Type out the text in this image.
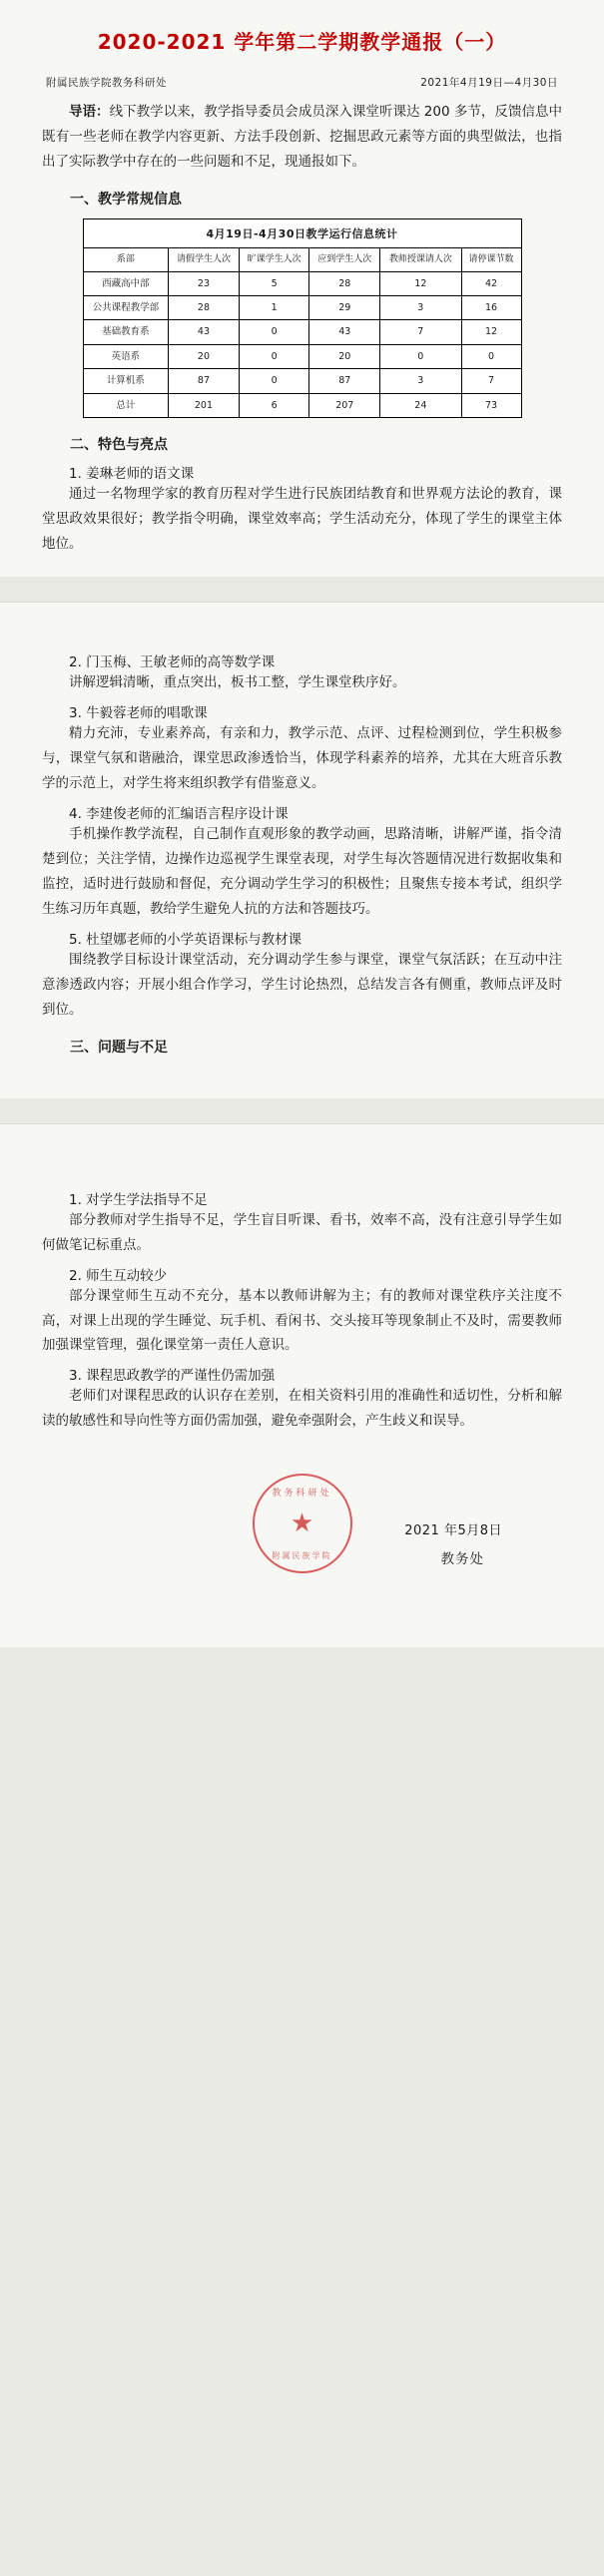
2020-2021 学年第二学期教学通报（一）
附属民族学院教务科研处	2021年4月19日—4月30日

导语：线下教学以来，教学指导委员会成员深入课堂听课达 200 多节，反馈信息中既有一些老师在教学内容更新、方法手段创新、挖掘思政元素等方面的典型做法，也指出了实际教学中存在的一些问题和不足，现通报如下。

一、教学常规信息
4月19日-4月30日教学运行信息统计
系部	请假学生人次	旷课学生人次	应到学生人次	教师授课请人次	请停课节数
西藏高中部	23	5	28	12	42
公共课程教学部	28	1	29	3	16
基础教育系	43	0	43	7	12
英语系	20	0	20	0	0
计算机系	87	0	87	3	7
总计	201	6	207	24	73
二、特色与亮点
1. 姜琳老师的语文课

通过一名物理学家的教育历程对学生进行民族团结教育和世界观方法论的教育，课堂思政效果很好；教学指令明确，课堂效率高；学生活动充分，体现了学生的课堂主体地位。

2. 门玉梅、王敏老师的高等数学课

讲解逻辑清晰，重点突出，板书工整，学生课堂秩序好。

3. 牛毅蓉老师的唱歌课

精力充沛，专业素养高，有亲和力，教学示范、点评、过程检测到位，学生积极参与，课堂气氛和谐融洽，课堂思政渗透恰当，体现学科素养的培养，尤其在大班音乐教学的示范上，对学生将来组织教学有借鉴意义。

4. 李建俊老师的汇编语言程序设计课

手机操作教学流程，自己制作直观形象的教学动画，思路清晰，讲解严谨，指令清楚到位；关注学情，边操作边巡视学生课堂表现，对学生每次答题情况进行数据收集和监控，适时进行鼓励和督促，充分调动学生学习的积极性；且聚焦专接本考试，组织学生练习历年真题，教给学生避免人抗的方法和答题技巧。

5. 杜望娜老师的小学英语课标与教材课

围绕教学目标设计课堂活动，充分调动学生参与课堂，课堂气氛活跃；在互动中注意渗透政内容；开展小组合作学习，学生讨论热烈，总结发言各有侧重，教师点评及时到位。

三、问题与不足
1. 对学生学法指导不足

部分教师对学生指导不足，学生盲目听课、看书，效率不高，没有注意引导学生如何做笔记标重点。

2. 师生互动较少

部分课堂师生互动不充分，基本以教师讲解为主；有的教师对课堂秩序关注度不高，对课上出现的学生睡觉、玩手机、看闲书、交头接耳等现象制止不及时，需要教师加强课堂管理，强化课堂第一责任人意识。

3. 课程思政教学的严谨性仍需加强

老师们对课程思政的认识存在差别，在相关资料引用的准确性和适切性，分析和解读的敏感性和导向性等方面仍需加强，避免牵强附会，产生歧义和误导。

教务科研处
★
附属民族学院
2021 年5月8日
教务处
